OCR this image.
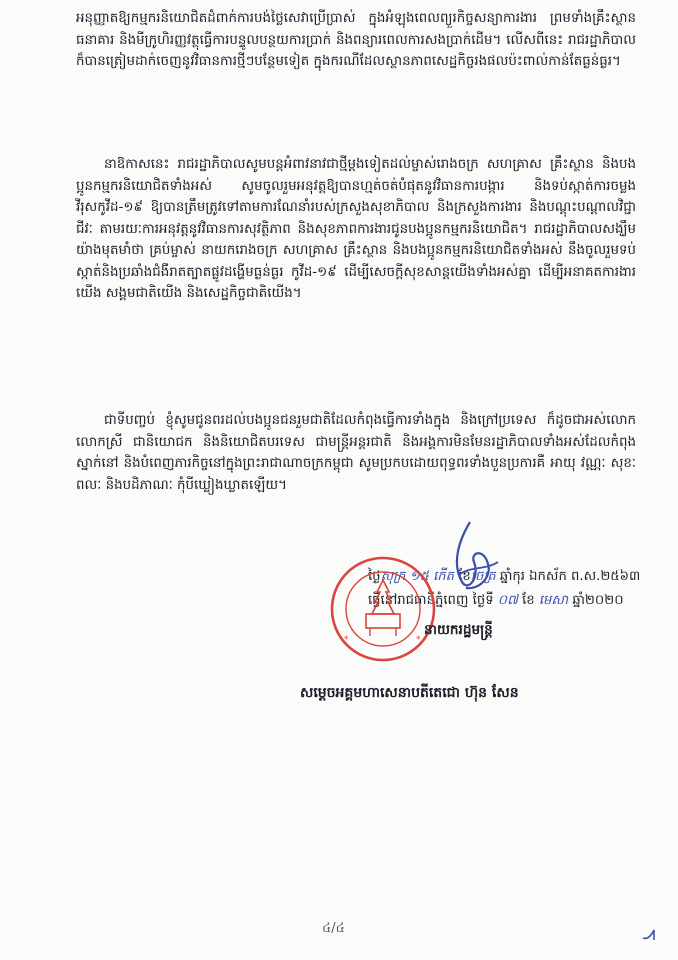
អនុញ្ញាតឱ្យកម្មករនិយោជិតដំពាក់ការបង់ថ្លៃសេវាប្រើប្រាស់ ក្នុងអំឡុងពេលព្យួរកិច្ចសន្យាការងារ ព្រមទាំងគ្រឹះស្ថានធនាគារ និងមីក្រូហិរញ្ញវត្ថុធ្វើការបន្ទូលបន្ថយការប្រាក់ និងពន្យារពេលការសងប្រាក់ដើម។ លើសពីនេះ រាជរដ្ឋាភិបាលក៏បានត្រៀមដាក់ចេញនូវវិធានការថ្មីៗបន្ថែមទៀត ក្នុងករណីដែលស្ថានភាពសេដ្ឋកិច្ចរងផលប៉ះពាល់កាន់តែធ្ងន់ធ្ងរ។

នាឱកាសនេះ រាជរដ្ឋាភិបាលសូមបន្តអំពាវនាវជាថ្មីម្តងទៀតដល់ម្ចាស់រោងចក្រ សហគ្រាស គ្រឹះស្ថាន និងបងប្អូនកម្មករនិយោជិតទាំងអស់ សូមចូលរួមអនុវត្តឱ្យបានហ្មត់ចត់បំផុតនូវវិធានការបង្ការ និងទប់ស្កាត់ការចម្លងវីរុសកូវីដ-១៩ ឱ្យបានត្រឹមត្រូវទៅតាមការណែនាំរបស់ក្រសួងសុខាភិបាល និងក្រសួងការងារ និងបណ្តុះបណ្តាលវិជ្ជាជីវៈ តាមរយៈការអនុវត្តនូវវិធានការសុវត្ថិភាព និងសុខភាពការងារជូនបងប្អូនកម្មករនិយោជិត។ រាជរដ្ឋាភិបាលសង្ឃឹមយ៉ាងមុតមាំថា គ្រប់ម្ចាស់ នាយករោងចក្រ សហគ្រាស គ្រឹះស្ថាន និងបងប្អូនកម្មករនិយោជិតទាំងអស់ នឹងចូលរួមទប់ស្កាត់និងប្រឆាំងជំងឺរាតត្បាតផ្លូវដង្ហើមធ្ងន់ធ្ងរ កូវីដ-១៩ ដើម្បីសេចក្តីសុខសាន្តយើងទាំងអស់គ្នា ដើម្បីអនាគតការងារយើង សង្គមជាតិយើង និងសេដ្ឋកិច្ចជាតិយើង។

ជាទីបញ្ចប់ ខ្ញុំសូមជូនពរដល់បងប្អូនជនរួមជាតិដែលកំពុងធ្វើការទាំងក្នុង និងក្រៅប្រទេស ក៏ដូចជាអស់លោក លោកស្រី ជានិយោជក និងនិយោជិតបរទេស ជាមន្ត្រីអន្តរជាតិ និងអង្គការមិនមែនរដ្ឋាភិបាលទាំងអស់ដែលកំពុងស្នាក់នៅ និងបំពេញភារកិច្ចនៅក្នុងព្រះរាជាណាចក្រកម្ពុជា សូមប្រកបដោយពុទ្ធពរទាំងបួនប្រការគឺ អាយុ វណ្ណៈ សុខៈ ពលៈ និងបដិភាណៈ កុំបីឃ្លៀងឃ្លាតឡើយ។

ថ្ងៃសុក្រ ១៥ កើត ខែចេត្រ ឆ្នាំកុរ ឯកស័ក ព.ស.២៥៦៣
ធ្វើនៅរាជធានីភ្នំពេញ ថ្ងៃទី ០៧ ខែ មេសា ឆ្នាំ២០២០
*	*
នាយករដ្ឋមន្ត្រី
សម្តេចអគ្គមហាសេនាបតីតេជោ ហ៊ុន សែន
៤/៤
